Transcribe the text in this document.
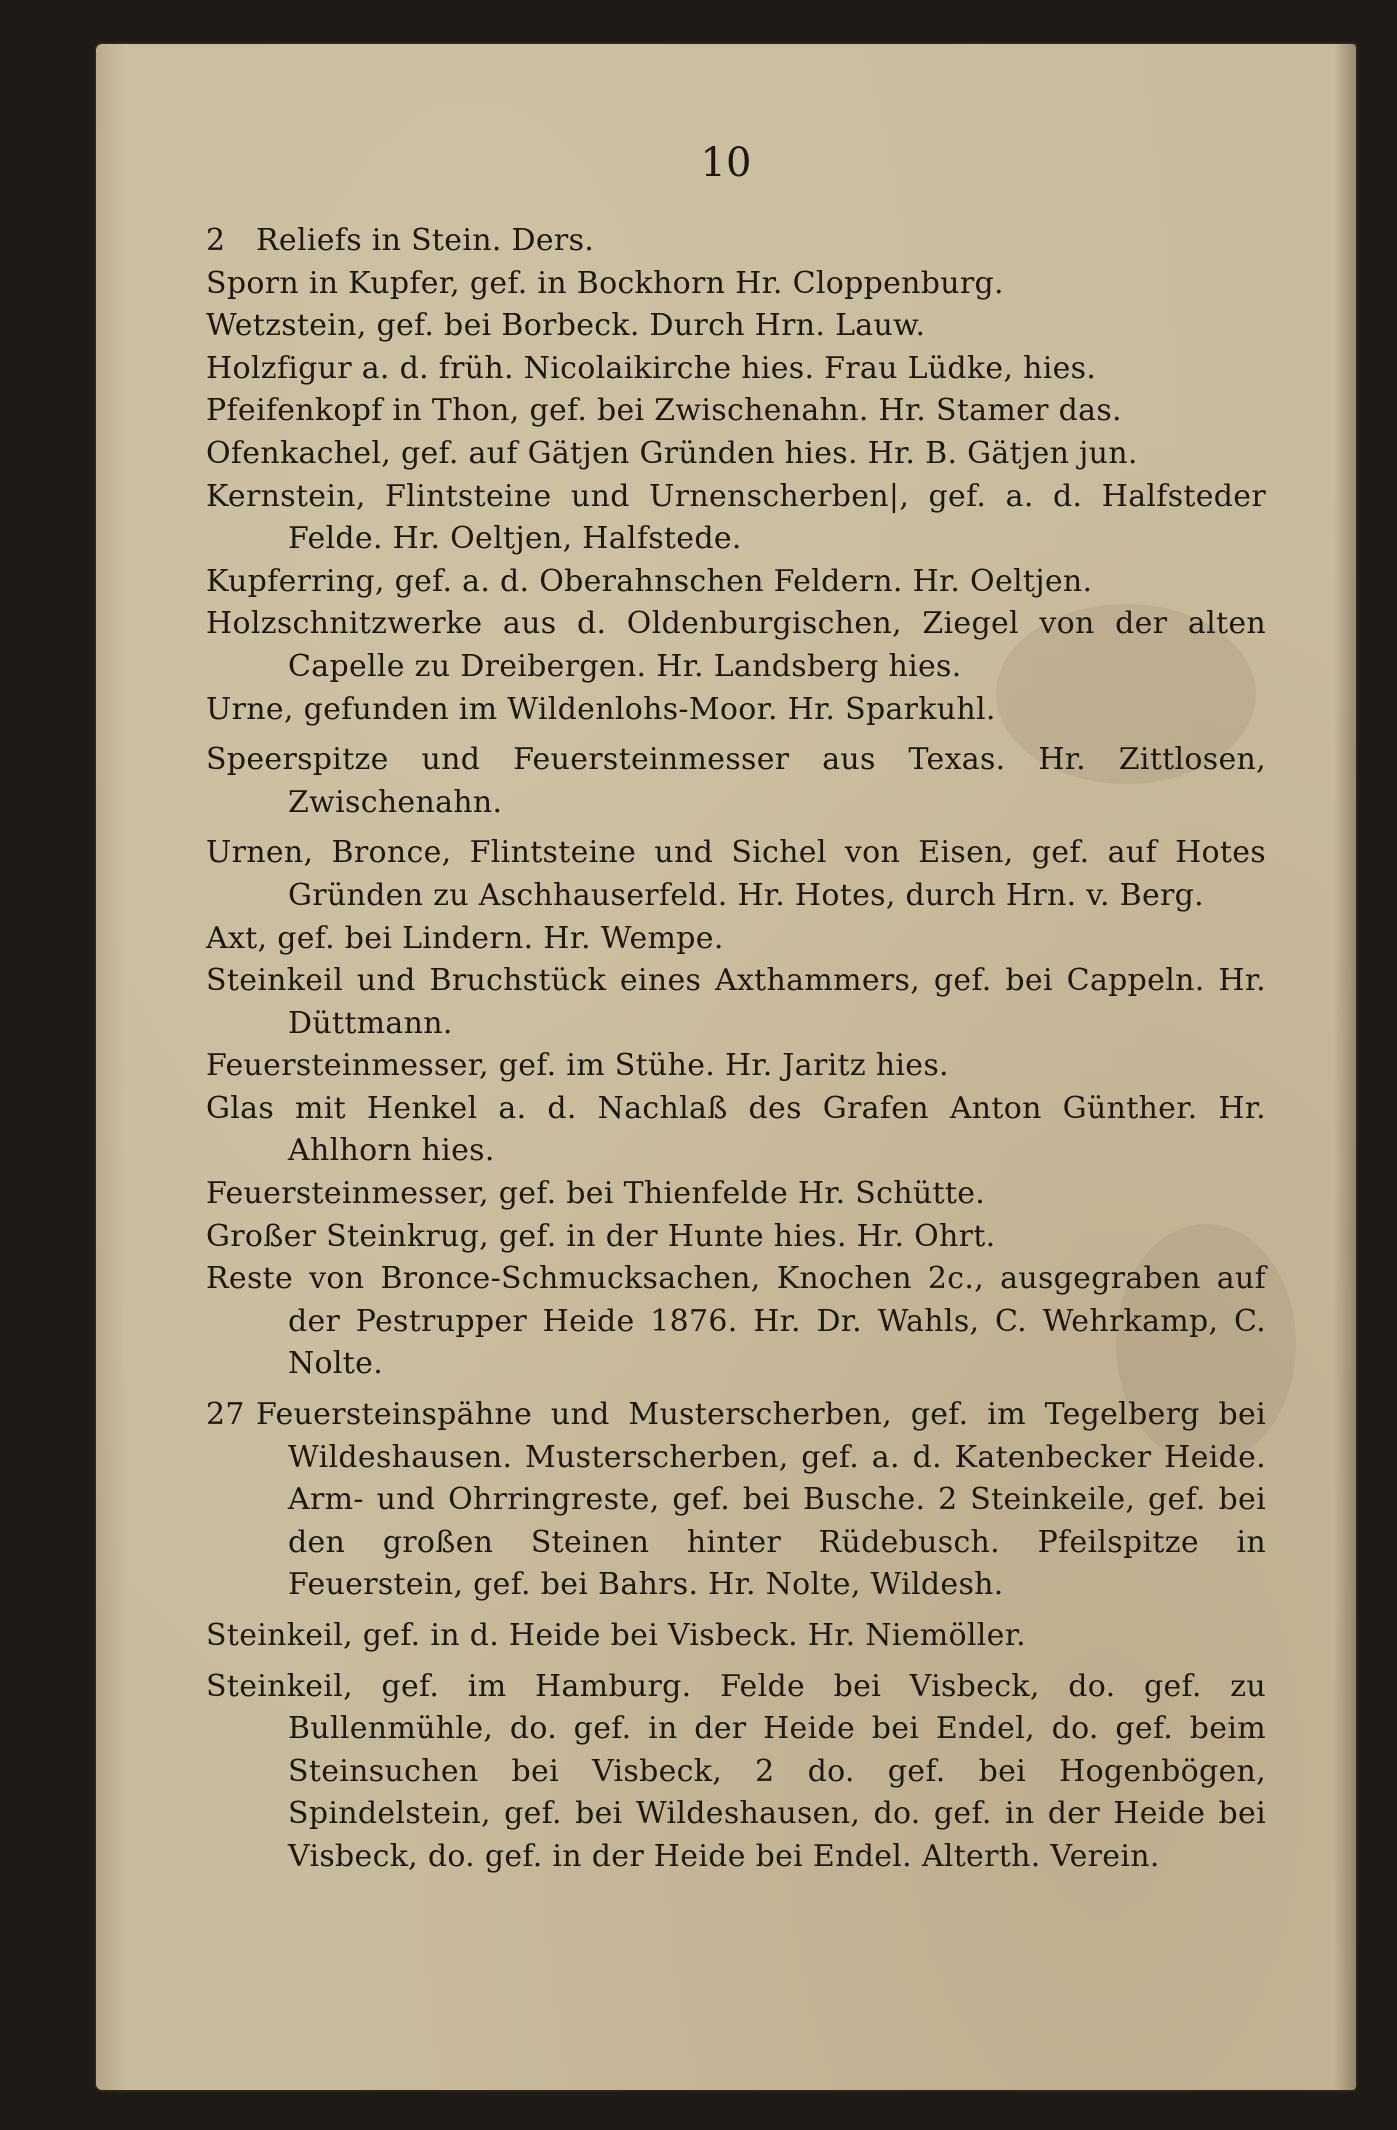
10

2 Reliefs in Stein. Ders.
Sporn in Kupfer, gef. in Bockhorn Hr. Cloppenburg.
Wetzstein, gef. bei Borbeck. Durch Hrn. Lauw.
Holzfigur a. d. früh. Nicolaikirche hies. Frau Lüdke, hies.
Pfeifenkopf in Thon, gef. bei Zwischenahn. Hr. Stamer das.
Ofenkachel, gef. auf Gätjen Gründen hies. Hr. B. Gätjen jun.
Kernstein, Flintsteine und Urnenscherben|, gef. a. d. Halfsteder Felde. Hr. Oeltjen, Halfstede.
Kupferring, gef. a. d. Oberahnschen Feldern. Hr. Oeltjen.
Holzschnitzwerke aus d. Oldenburgischen, Ziegel von der alten Capelle zu Dreibergen. Hr. Landsberg hies.
Urne, gefunden im Wildenlohs-Moor. Hr. Sparkuhl.
Speerspitze und Feuersteinmesser aus Texas. Hr. Zittlosen, Zwischenahn.
Urnen, Bronce, Flintsteine und Sichel von Eisen, gef. auf Hotes Gründen zu Aschhauserfeld. Hr. Hotes, durch Hrn. v. Berg.
Axt, gef. bei Lindern. Hr. Wempe.
Steinkeil und Bruchstück eines Axthammers, gef. bei Cappeln. Hr. Düttmann.
Feuersteinmesser, gef. im Stühe. Hr. Jaritz hies.
Glas mit Henkel a. d. Nachlaß des Grafen Anton Günther. Hr. Ahlhorn hies.
Feuersteinmesser, gef. bei Thienfelde Hr. Schütte.
Großer Steinkrug, gef. in der Hunte hies. Hr. Ohrt.
Reste von Bronce-Schmucksachen, Knochen 2c., ausgegraben auf der Pestrupper Heide 1876. Hr. Dr. Wahls, C. Wehrkamp, C. Nolte.
27 Feuersteinspähne und Musterscherben, gef. im Tegelberg bei Wildeshausen. Musterscherben, gef. a. d. Katenbecker Heide. Arm- und Ohrringreste, gef. bei Busche. 2 Steinkeile, gef. bei den großen Steinen hinter Rüdebusch. Pfeilspitze in Feuerstein, gef. bei Bahrs. Hr. Nolte, Wildesh.
Steinkeil, gef. in d. Heide bei Visbeck. Hr. Niemöller.
Steinkeil, gef. im Hamburg. Felde bei Visbeck, do. gef. zu Bullenmühle, do. gef. in der Heide bei Endel, do. gef. beim Steinsuchen bei Visbeck, 2 do. gef. bei Hogenbögen, Spindelstein, gef. bei Wildeshausen, do. gef. in der Heide bei Visbeck, do. gef. in der Heide bei Endel. Alterth. Verein.
